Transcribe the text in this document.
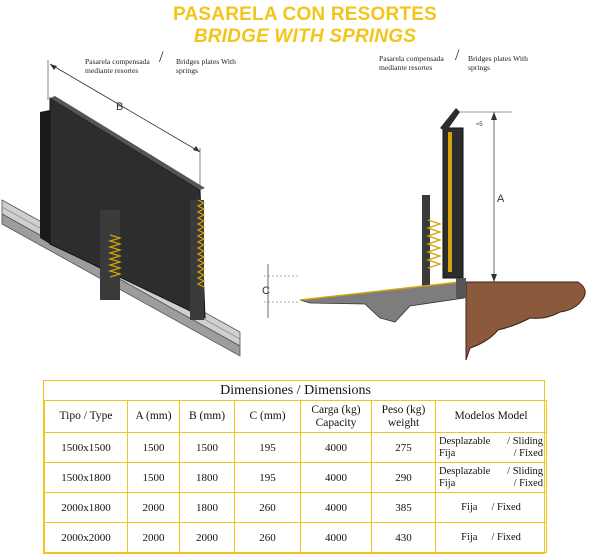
PASARELA CON RESORTES
BRIDGE WITH SPRINGS
Pasarela compensada mediante resortes
/ Bridges plates With springs
Pasarela compensada mediante resortes
/ Bridges plates With springs
B
A
≈5
C
Dimensiones / Dimensions						
Tipo / Type	A (mm)	B (mm)	C (mm)	Carga (kg) Capacity	Peso (kg) weight	Modelos Model
1500x1500	1500	1500	195	4000	275	Desplazable / Sliding
Fija / Fixed

1500x1800	1500	1800	195	4000	290	Desplazable / Sliding
Fija / Fixed

2000x1800	2000	1800	260	4000	385	Fija / Fixed

2000x2000	2000	2000	260	4000	430	Fija / Fixed
